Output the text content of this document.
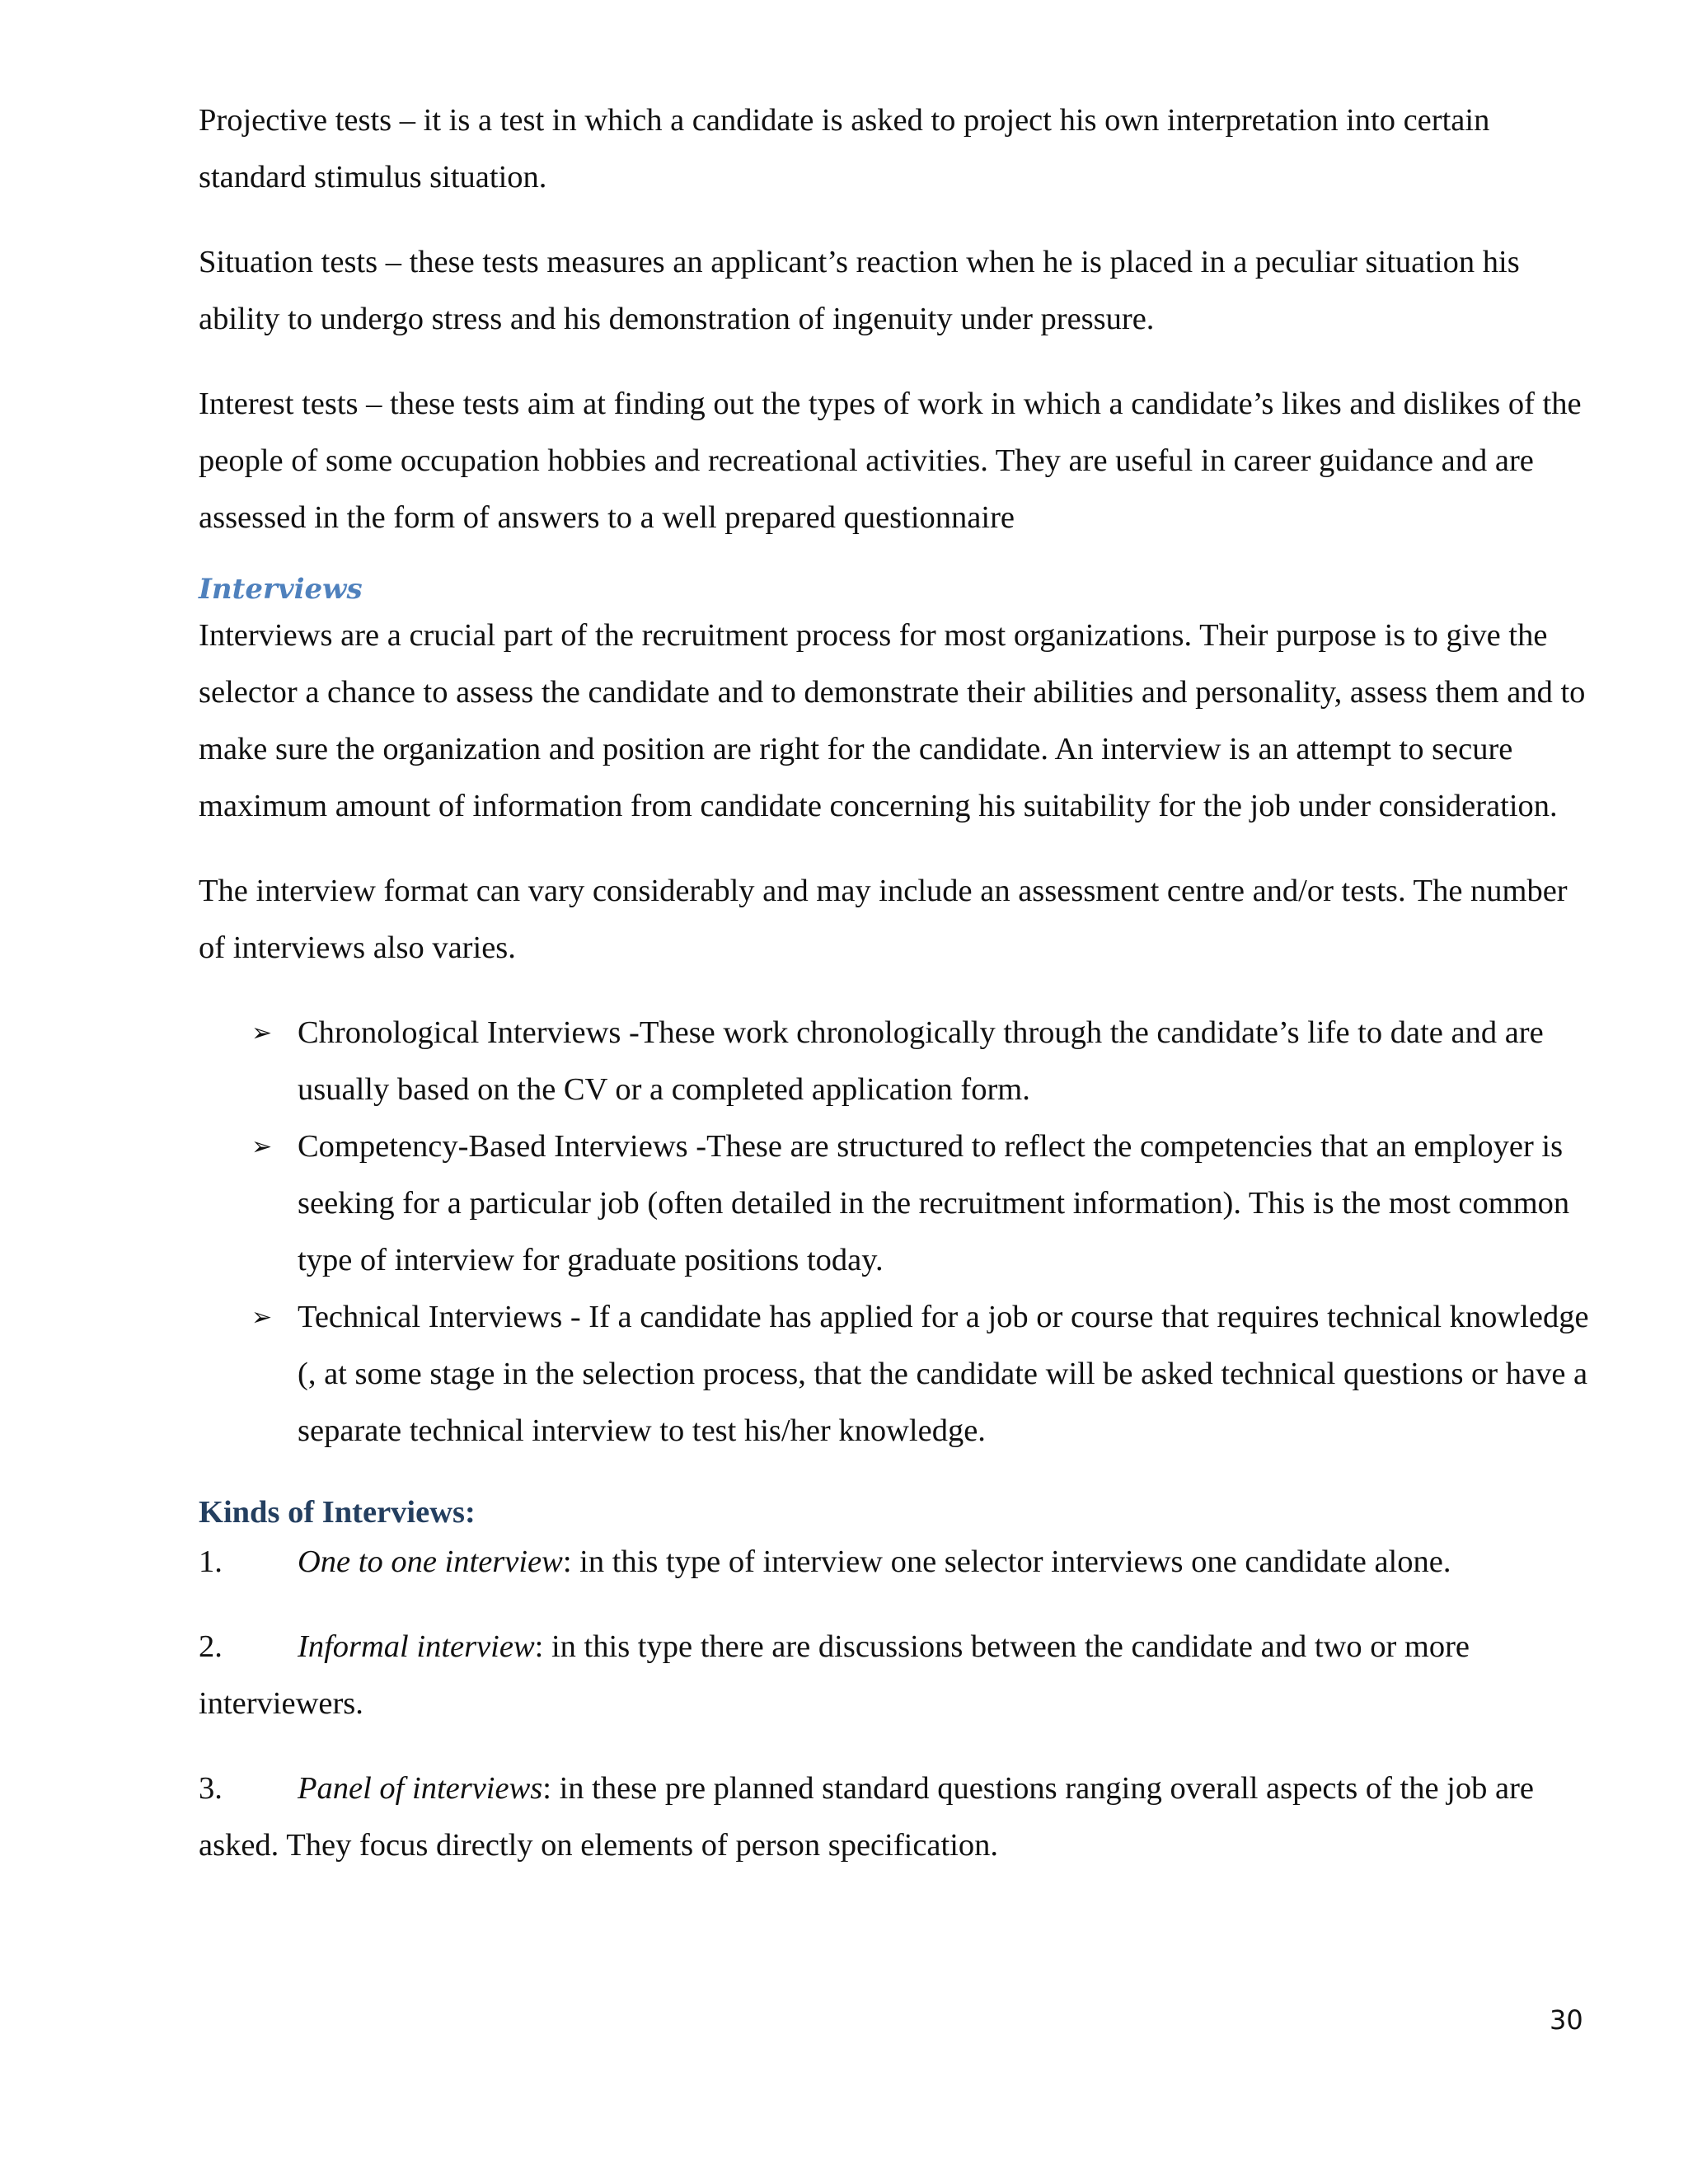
Projective tests – it is a test in which a candidate is asked to project his own interpretation into certain standard stimulus situation.

Situation tests – these tests measures an applicant’s reaction when he is placed in a peculiar situation his ability to undergo stress and his demonstration of ingenuity under pressure.

Interest tests – these tests aim at finding out the types of work in which a candidate’s likes and dislikes of the people of some occupation hobbies and recreational activities. They are useful in career guidance and are assessed in the form of answers to a well prepared questionnaire

Interviews

Interviews are a crucial part of the recruitment process for most organizations. Their purpose is to give the selector a chance to assess the candidate and to demonstrate their abilities and personality, assess them and to make sure the organization and position are right for the candidate. An interview is an attempt to secure maximum amount of information from candidate concerning his suitability for the job under consideration.

The interview format can vary considerably and may include an assessment centre and/or tests. The number of interviews also varies.

➢ Chronological Interviews -These work chronologically through the candidate’s life to date and are usually based on the CV or a completed application form.
➢ Competency-Based Interviews -These are structured to reflect the competencies that an employer is seeking for a particular job (often detailed in the recruitment information). This is the most common type of interview for graduate positions today.
➢ Technical Interviews - If a candidate has applied for a job or course that requires technical knowledge (, at some stage in the selection process, that the candidate will be asked technical questions or have a separate technical interview to test his/her knowledge.
Kinds of Interviews:

1. One to one interview: in this type of interview one selector interviews one candidate alone.

2. Informal interview: in this type there are discussions between the candidate and two or more interviewers.

3. Panel of interviews: in these pre planned standard questions ranging overall aspects of the job are asked. They focus directly on elements of person specification.

30
